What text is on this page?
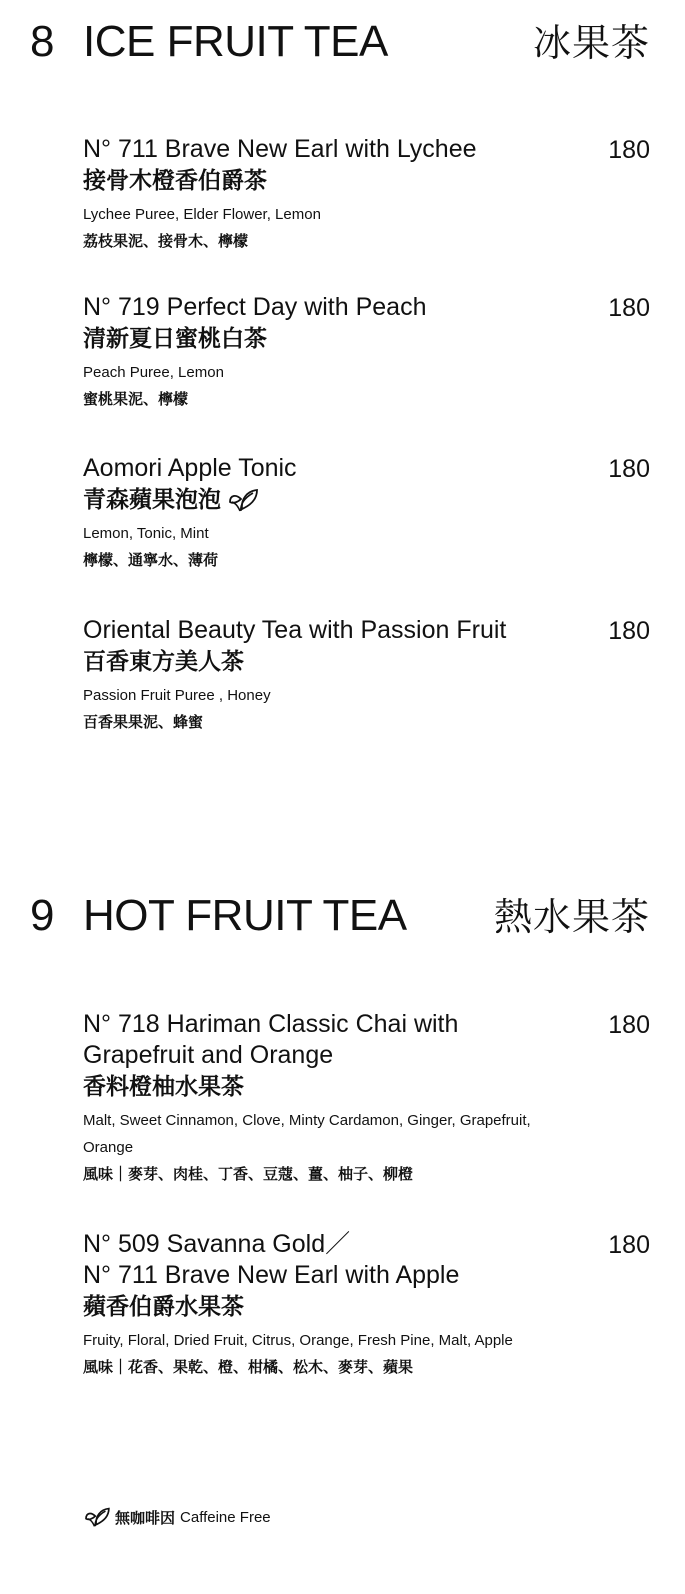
8 ICE FRUIT TEA	冰果茶
180
N° 711 Brave New Earl with Lychee
接骨木橙香伯爵茶
Lychee Puree, Elder Flower, Lemon
荔枝果泥、接骨木、檸檬
180
N° 719 Perfect Day with Peach
清新夏日蜜桃白茶
Peach Puree, Lemon
蜜桃果泥、檸檬
180
Aomori Apple Tonic
青森蘋果泡泡
Lemon, Tonic, Mint
檸檬、通寧水、薄荷
180
Oriental Beauty Tea with Passion Fruit
百香東方美人茶
Passion Fruit Puree , Honey
百香果果泥、蜂蜜
9 HOT FRUIT TEA 熱水果茶
180
N° 718 Hariman Classic Chai with Grapefruit and Orange
香料橙柚水果茶
Malt, Sweet Cinnamon, Clove, Minty Cardamon, Ginger, Grapefruit, Orange
風味｜麥芽、肉桂、丁香、豆蔻、薑、柚子、柳橙
180
N° 509 Savanna Gold／
N° 711 Brave New Earl with Apple
蘋香伯爵水果茶
Fruity, Floral, Dried Fruit, Citrus, Orange, Fresh Pine, Malt, Apple
風味｜花香、果乾、橙、柑橘、松木、麥芽、蘋果
無咖啡因 Caffeine Free
